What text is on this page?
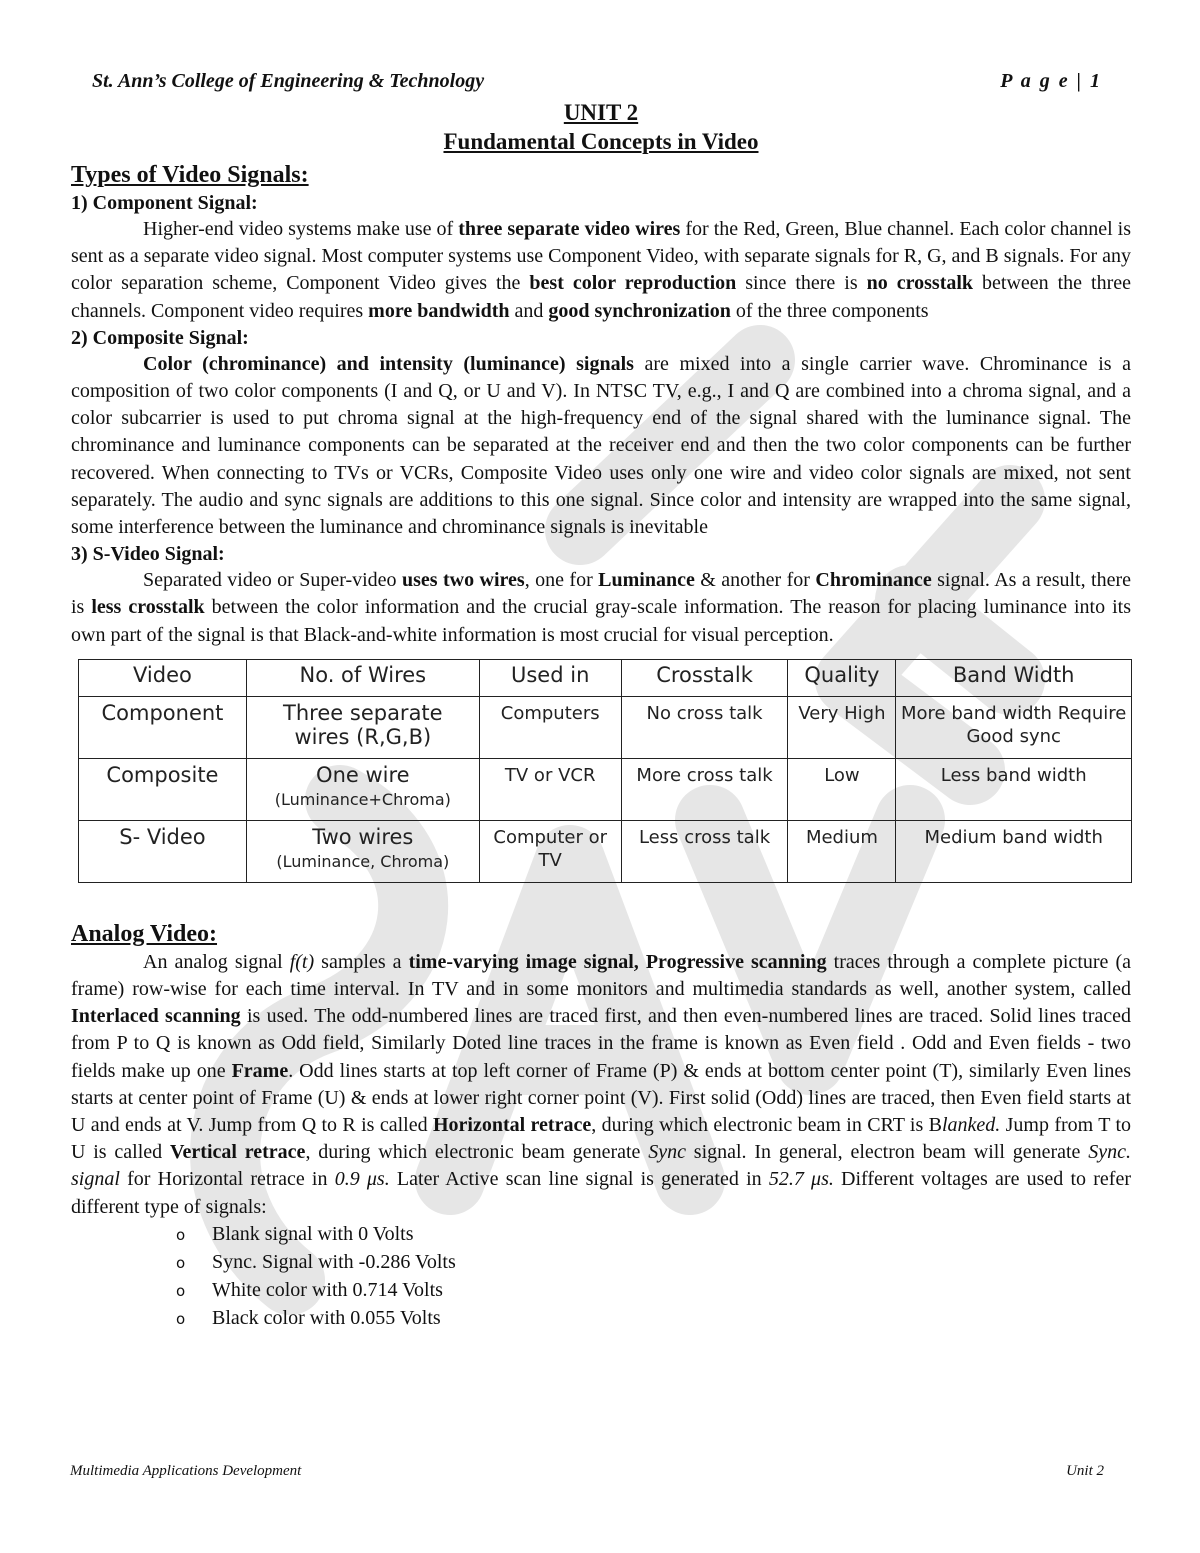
St. Ann’s College of Engineering & Technology	P a g e | 1
UNIT 2
Fundamental Concepts in Video
Types of Video Signals:
1) Component Signal:

Higher-end video systems make use of three separate video wires for the Red, Green, Blue channel. Each color channel is sent as a separate video signal. Most computer systems use Component Video, with separate signals for R, G, and B signals. For any color separation scheme, Component Video gives the best color reproduction since there is no crosstalk between the three channels. Component video requires more bandwidth and good synchronization of the three components

2) Composite Signal:

Color (chrominance) and intensity (luminance) signals are mixed into a single carrier wave. Chrominance is a composition of two color components (I and Q, or U and V). In NTSC TV, e.g., I and Q are combined into a chroma signal, and a color subcarrier is used to put chroma signal at the high-frequency end of the signal shared with the luminance signal. The chrominance and luminance components can be separated at the receiver end and then the two color components can be further recovered. When connecting to TVs or VCRs, Composite Video uses only one wire and video color signals are mixed, not sent separately. The audio and sync signals are additions to this one signal. Since color and intensity are wrapped into the same signal, some interference between the luminance and chrominance signals is inevitable

3) S-Video Signal:

Separated video or Super-video uses two wires, one for Luminance & another for Chrominance signal. As a result, there is less crosstalk between the color information and the crucial gray-scale information. The reason for placing luminance into its own part of the signal is that Black-and-white information is most crucial for visual perception.

Video	No. of Wires	Used in	Crosstalk	Quality	Band Width
Component	Three separate
wires (R,G,B)	Computers	No cross talk	Very High	More band width Require Good sync
Composite	One wire
(Luminance+Chroma)	TV or VCR	More cross talk	Low	Less band width
S- Video	Two wires
(Luminance, Chroma)	Computer or TV	Less cross talk	Medium	Medium band width
Analog Video:

An analog signal f(t) samples a time-varying image signal, Progressive scanning traces through a complete picture (a frame) row-wise for each time interval. In TV and in some monitors and multimedia standards as well, another system, called Interlaced scanning is used. The odd-numbered lines are traced first, and then even-numbered lines are traced. Solid lines traced from P to Q is known as Odd field, Similarly Doted line traces in the frame is known as Even field . Odd and Even fields - two fields make up one Frame. Odd lines starts at top left corner of Frame (P) & ends at bottom center point (T), similarly Even lines starts at center point of Frame (U) & ends at lower right corner point (V). First solid (Odd) lines are traced, then Even field starts at U and ends at V. Jump from Q to R is called Horizontal retrace, during which electronic beam in CRT is Blanked. Jump from T to U is called Vertical retrace, during which electronic beam generate Sync signal. In general, electron beam will generate Sync. signal for Horizontal retrace in 0.9 μs. Later Active scan line signal is generated in 52.7 μs. Different voltages are used to refer different type of signals:

o Blank signal with 0 Volts
o Sync. Signal with -0.286 Volts
o White color with 0.714 Volts
o Black color with 0.055 Volts
Multimedia Applications Development	Unit 2
